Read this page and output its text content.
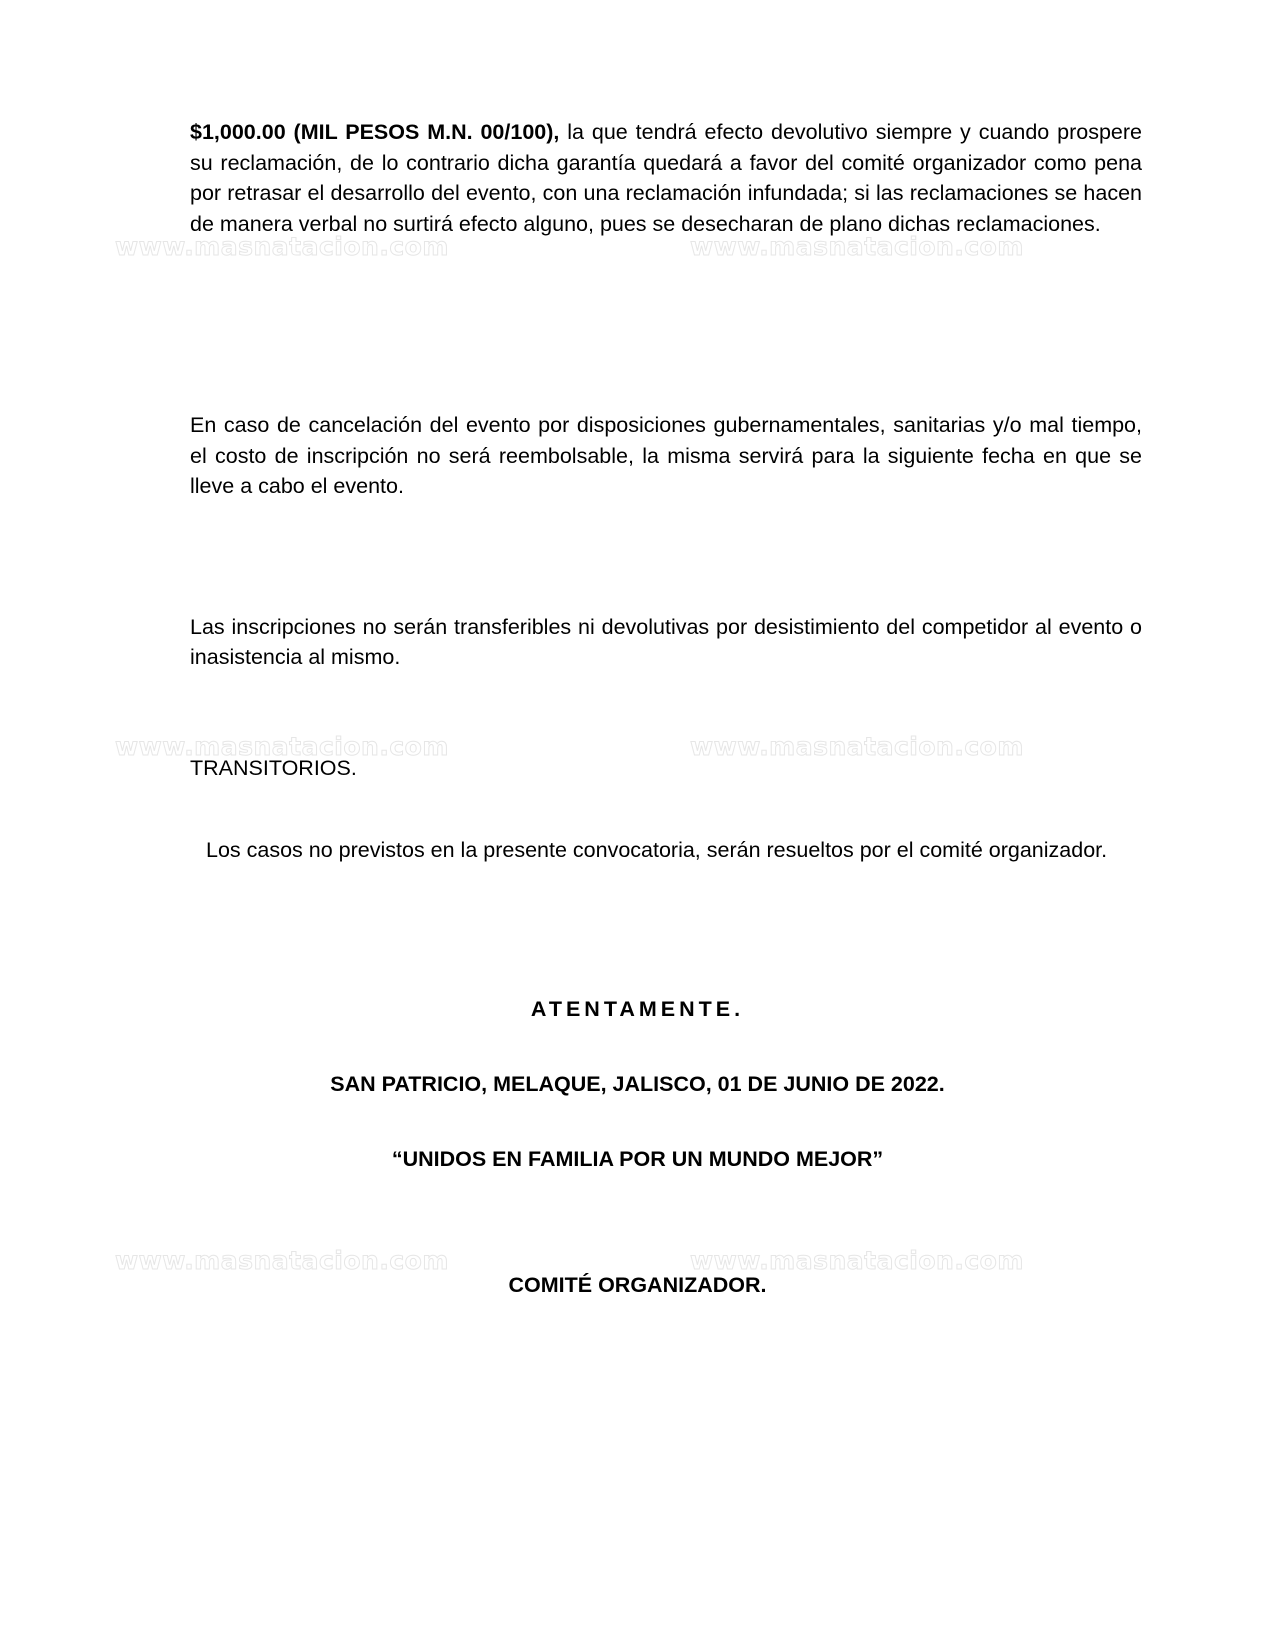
www.masnatacion.com	www.masnatacion.com
www.masnatacion.com	www.masnatacion.com
www.masnatacion.com	www.masnatacion.com

$1,000.00 (MIL PESOS M.N. 00/100), la que tendrá efecto devolutivo siempre y cuando prospere su reclamación, de lo contrario dicha garantía quedará a favor del comité organizador como pena por retrasar el desarrollo del evento, con una reclamación infundada; si las reclamaciones se hacen de manera verbal no surtirá efecto alguno, pues se desecharan de plano dichas reclamaciones.

En caso de cancelación del evento por disposiciones gubernamentales, sanitarias y/o mal tiempo, el costo de inscripción no será reembolsable, la misma servirá para la siguiente fecha en que se lleve a cabo el evento.

Las inscripciones no serán transferibles ni devolutivas por desistimiento del competidor al evento o inasistencia al mismo.

TRANSITORIOS.

Los casos no previstos en la presente convocatoria, serán resueltos por el comité organizador.

ATENTAMENTE.
SAN PATRICIO, MELAQUE, JALISCO, 01 DE JUNIO DE 2022.
“UNIDOS EN FAMILIA POR UN MUNDO MEJOR”
COMITÉ ORGANIZADOR.
